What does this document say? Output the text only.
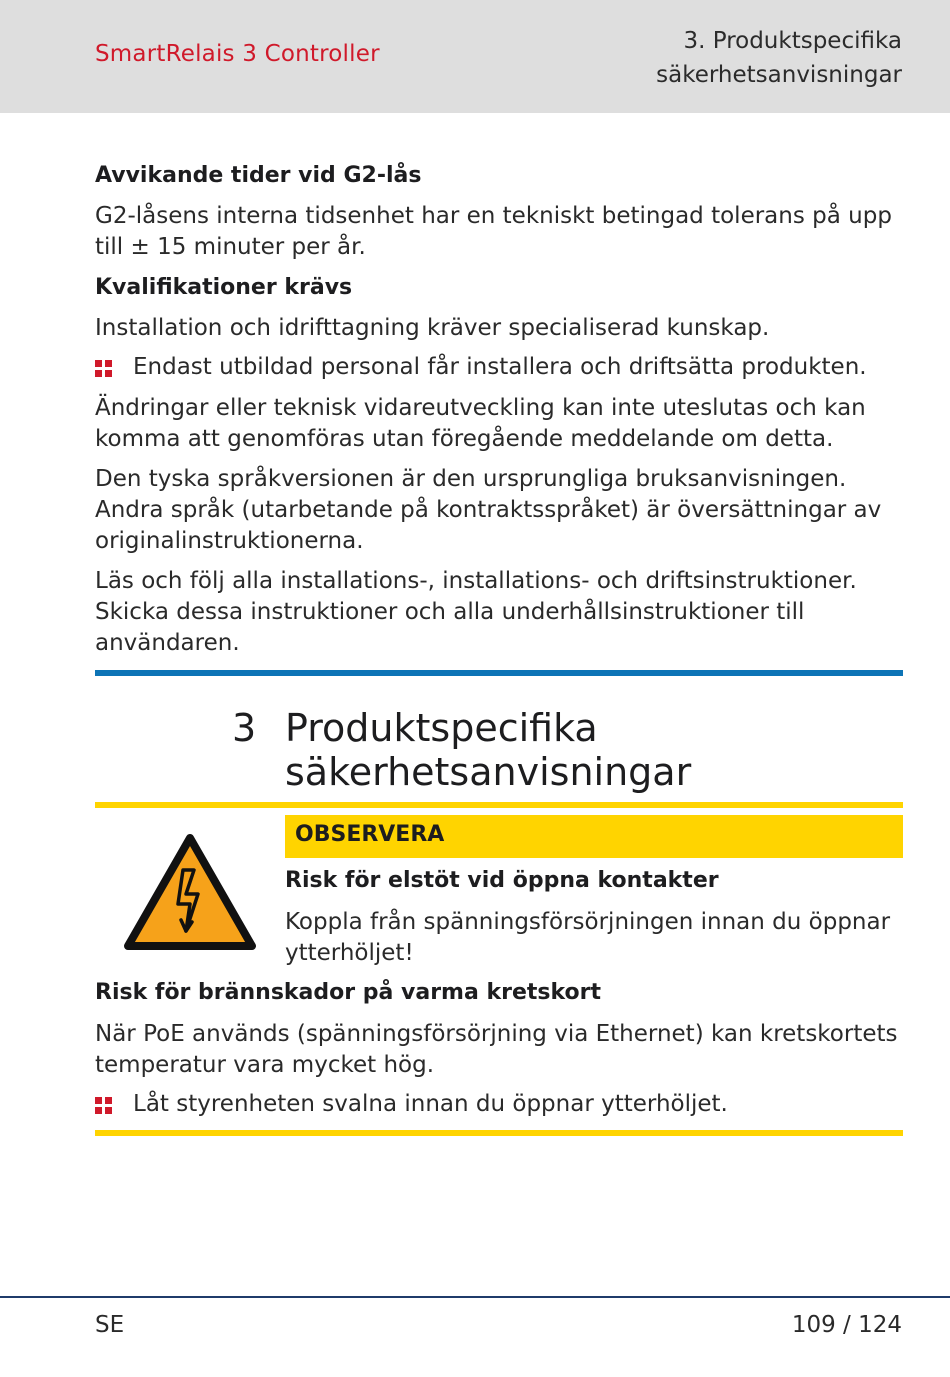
SmartRelais 3 Controller	3. Produktspecifika
säkerhetsanvisningar
Avvikande tider vid G2-lås
G2-låsens interna tidsenhet har en tekniskt betingad tolerans på upp till ± 15 minuter per år.
Kvalifikationer krävs
Installation och idrifttagning kräver specialiserad kunskap.
Endast utbildad personal får installera och driftsätta produkten.
Ändringar eller teknisk vidareutveckling kan inte uteslutas och kan komma att genomföras utan föregående meddelande om detta.
Den tyska språkversionen är den ursprungliga bruksanvisningen. Andra språk (utarbetande på kontraktsspråket) är översättningar av originalinstruktionerna.
Läs och följ alla installations-, installations- och driftsinstruktioner. Skicka dessa instruktioner och alla underhållsinstruktioner till användaren.
3 Produktspecifika
säkerhetsanvisningar
OBSERVERA
Risk för elstöt vid öppna kontakter
Koppla från spänningsförsörjningen innan du öppnar ytterhöljet!
Risk för brännskador på varma kretskort
När PoE används (spänningsförsörjning via Ethernet) kan kretskortets temperatur vara mycket hög.
Låt styrenheten svalna innan du öppnar ytterhöljet.
SE	109 / 124
